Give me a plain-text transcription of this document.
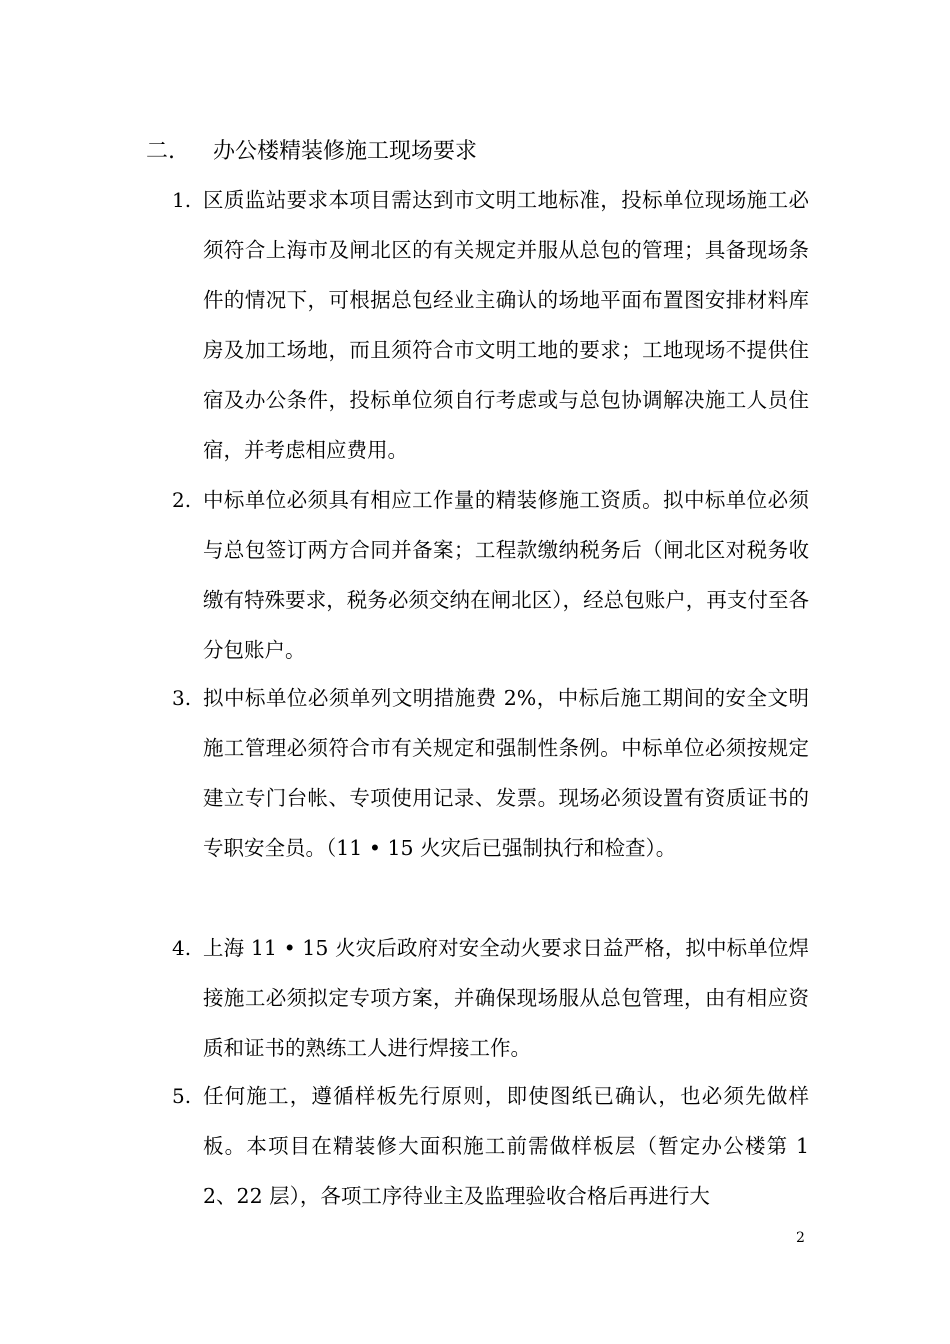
二. 办公楼精装修施工现场要求
1. 区质监站要求本项目需达到市文明工地标准，投标单位现场施工必须符合上海市及闸北区的有关规定并服从总包的管理；具备现场条件的情况下，可根据总包经业主确认的场地平面布置图安排材料库房及加工场地，而且须符合市文明工地的要求；工地现场不提供住宿及办公条件，投标单位须自行考虑或与总包协调解决施工人员住宿，并考虑相应费用。
2. 中标单位必须具有相应工作量的精装修施工资质。拟中标单位必须与总包签订两方合同并备案；工程款缴纳税务后（闸北区对税务收缴有特殊要求，税务必须交纳在闸北区），经总包账户，再支付至各分包账户。
3. 拟中标单位必须单列文明措施费 2%，中标后施工期间的安全文明施工管理必须符合市有关规定和强制性条例。中标单位必须按规定建立专门台帐、专项使用记录、发票。现场必须设置有资质证书的专职安全员。（11 • 15 火灾后已强制执行和检查）。
4. 上海 11 • 15 火灾后政府对安全动火要求日益严格，拟中标单位焊接施工必须拟定专项方案，并确保现场服从总包管理，由有相应资质和证书的熟练工人进行焊接工作。
5. 任何施工，遵循样板先行原则，即使图纸已确认，也必须先做样板。本项目在精装修大面积施工前需做样板层（暂定办公楼第 12、22 层），各项工序待业主及监理验收合格后再进行大
2
